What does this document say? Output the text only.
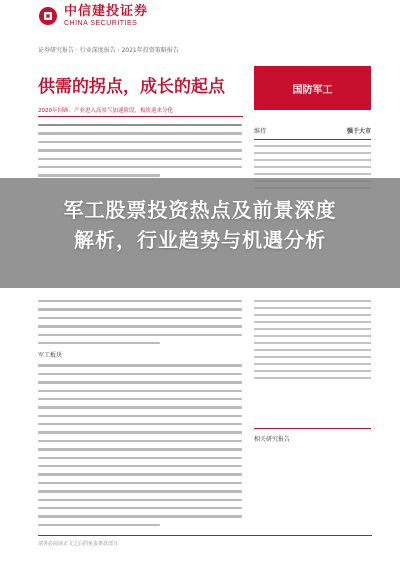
中信建投证券
CHINA SECURITIES
证券研究报告 · 行业深度报告 · 2021年投资策略报告
供需的拐点，成长的起点
2020年回顾：产业进入高景气加速阶段，板块迎来分化
国防军工
维持	强于大市
军工板块
相关研究报告
请务必阅读正文之后的免责条款部分
军工股票投资热点及前景深度
解析，行业趋势与机遇分析
